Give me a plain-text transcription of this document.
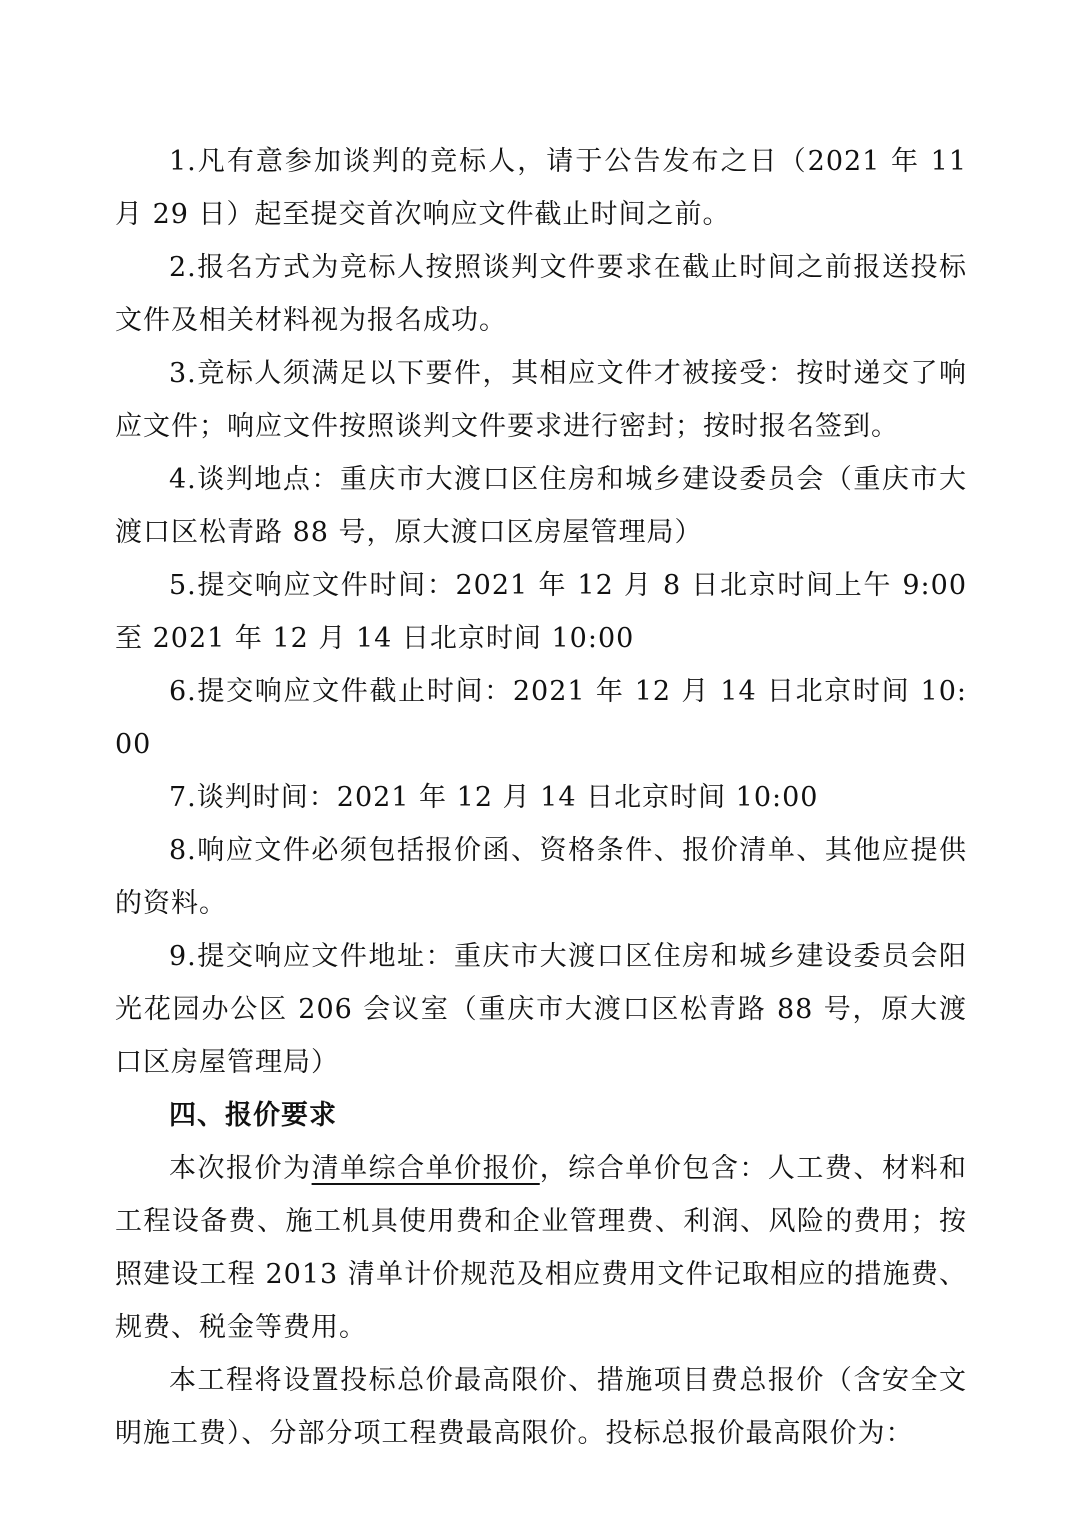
1.凡有意参加谈判的竞标人，请于公告发布之日（2021 年 11 月 29 日）起至提交首次响应文件截止时间之前。

2.报名方式为竞标人按照谈判文件要求在截止时间之前报送投标文件及相关材料视为报名成功。

3.竞标人须满足以下要件，其相应文件才被接受：按时递交了响应文件；响应文件按照谈判文件要求进行密封；按时报名签到。

4.谈判地点：重庆市大渡口区住房和城乡建设委员会（重庆市大渡口区松青路 88 号，原大渡口区房屋管理局）

5.提交响应文件时间：2021 年 12 月 8 日北京时间上午 9:00 至 2021 年 12 月 14 日北京时间 10:00

6.提交响应文件截止时间：2021 年 12 月 14 日北京时间 10:00

7.谈判时间：2021 年 12 月 14 日北京时间 10:00

8.响应文件必须包括报价函、资格条件、报价清单、其他应提供的资料。

9.提交响应文件地址：重庆市大渡口区住房和城乡建设委员会阳光花园办公区 206 会议室（重庆市大渡口区松青路 88 号，原大渡口区房屋管理局）

四、报价要求

本次报价为清单综合单价报价，综合单价包含：人工费、材料和工程设备费、施工机具使用费和企业管理费、利润、风险的费用；按照建设工程 2013 清单计价规范及相应费用文件记取相应的措施费、规费、税金等费用。

本工程将设置投标总价最高限价、措施项目费总报价（含安全文明施工费）、分部分项工程费最高限价。投标总报价最高限价为：
